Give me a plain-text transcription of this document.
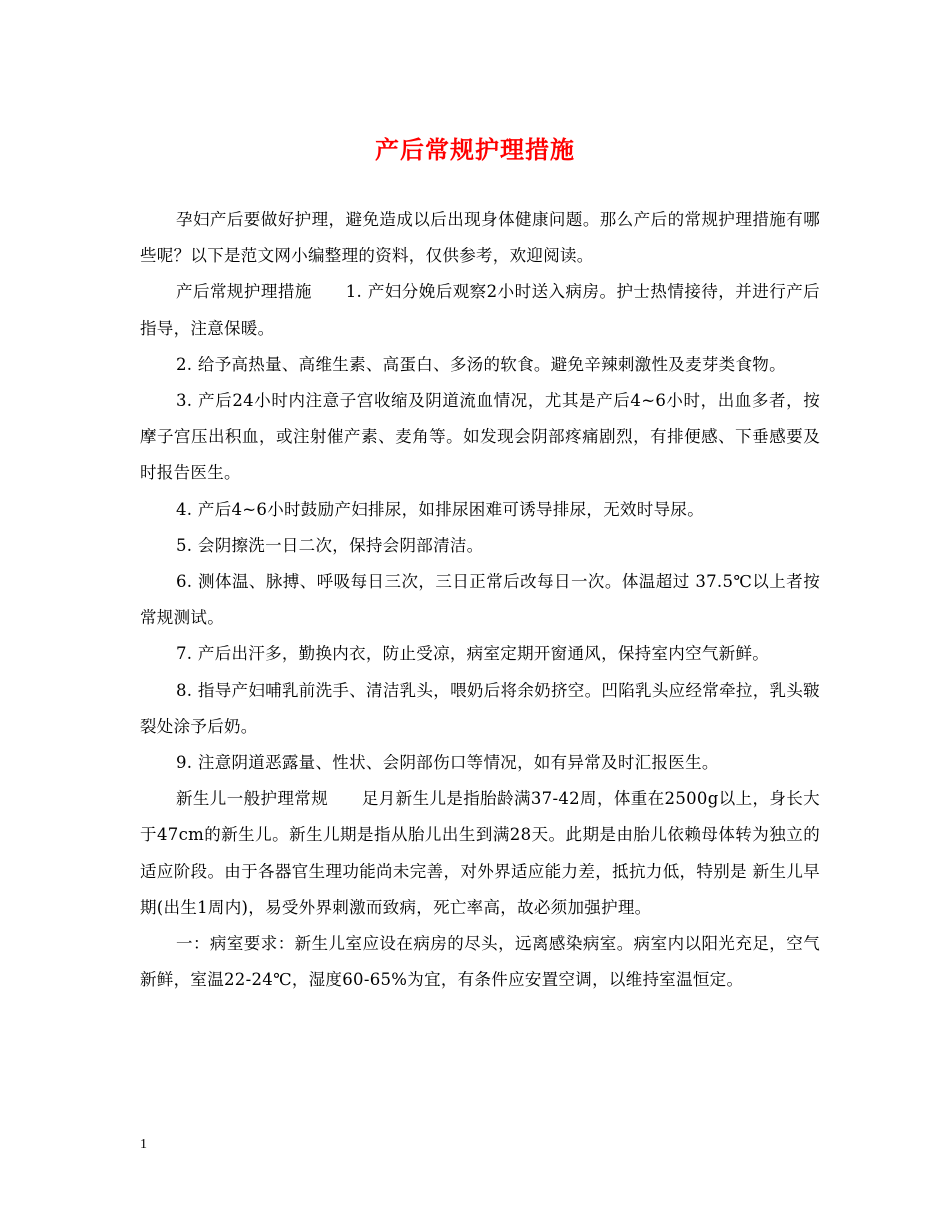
产后常规护理措施

孕妇产后要做好护理，避免造成以后出现身体健康问题。那么产后的常规护理措施有哪些呢？以下是范文网小编整理的资料，仅供参考，欢迎阅读。

产后常规护理措施　　1. 产妇分娩后观察2小时送入病房。护士热情接待，并进行产后指导，注意保暖。

2. 给予高热量、高维生素、高蛋白、多汤的软食。避免辛辣刺激性及麦芽类食物。

3. 产后24小时内注意子宫收缩及阴道流血情况，尤其是产后4~6小时，出血多者，按摩子宫压出积血，或注射催产素、麦角等。如发现会阴部疼痛剧烈，有排便感、下垂感要及时报告医生。

4. 产后4~6小时鼓励产妇排尿，如排尿困难可诱导排尿，无效时导尿。

5. 会阴擦洗一日二次，保持会阴部清洁。

6. 测体温、脉搏、呼吸每日三次，三日正常后改每日一次。体温超过 37.5℃以上者按常规测试。

7. 产后出汗多，勤换内衣，防止受凉，病室定期开窗通风，保持室内空气新鲜。

8. 指导产妇哺乳前洗手、清洁乳头，喂奶后将余奶挤空。凹陷乳头应经常牵拉，乳头皲裂处涂予后奶。

9. 注意阴道恶露量、性状、会阴部伤口等情况，如有异常及时汇报医生。

新生儿一般护理常规　　足月新生儿是指胎龄满37-42周，体重在2500g以上，身长大于47cm的新生儿。新生儿期是指从胎儿出生到满28天。此期是由胎儿依赖母体转为独立的适应阶段。由于各器官生理功能尚未完善，对外界适应能力差，抵抗力低，特别是 新生儿早期(出生1周内)，易受外界刺激而致病，死亡率高，故必须加强护理。

一：病室要求：新生儿室应设在病房的尽头，远离感染病室。病室内以阳光充足，空气新鲜，室温22-24℃，湿度60-65%为宜，有条件应安置空调，以维持室温恒定。

1
